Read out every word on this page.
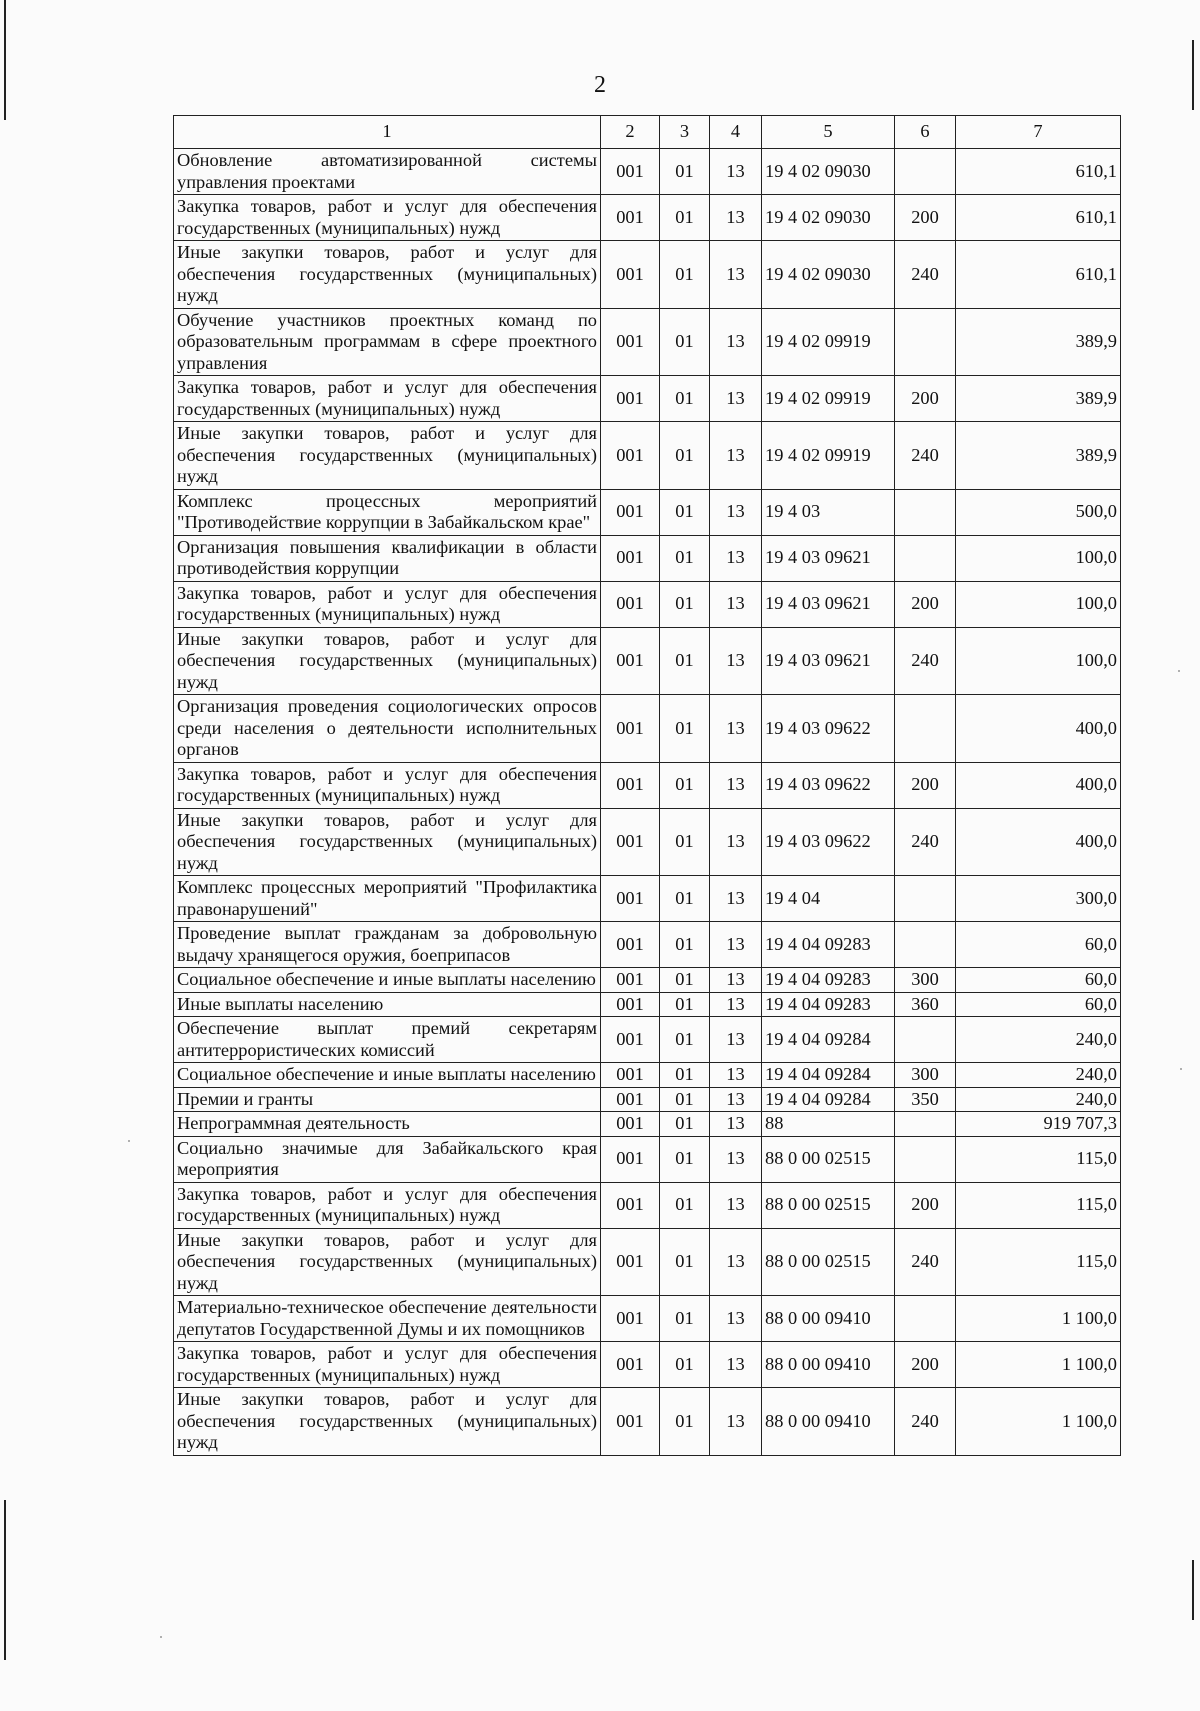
2
1	2	3	4	5	6	7
Обновление автоматизированной системы управления проектами	001	01	13	19 4 02 09030		610,1
Закупка товаров, работ и услуг для обеспечения государственных (муниципальных) нужд	001	01	13	19 4 02 09030	200	610,1
Иные закупки товаров, работ и услуг для обеспечения государственных (муниципальных) нужд	001	01	13	19 4 02 09030	240	610,1
Обучение участников проектных команд по образовательным программам в сфере проектного управления	001	01	13	19 4 02 09919		389,9
Закупка товаров, работ и услуг для обеспечения государственных (муниципальных) нужд	001	01	13	19 4 02 09919	200	389,9
Иные закупки товаров, работ и услуг для обеспечения государственных (муниципальных) нужд	001	01	13	19 4 02 09919	240	389,9
Комплекс процессных мероприятий "Противодействие коррупции в Забайкальском крае"	001	01	13	19 4 03		500,0
Организация повышения квалификации в области противодействия коррупции	001	01	13	19 4 03 09621		100,0
Закупка товаров, работ и услуг для обеспечения государственных (муниципальных) нужд	001	01	13	19 4 03 09621	200	100,0
Иные закупки товаров, работ и услуг для обеспечения государственных (муниципальных) нужд	001	01	13	19 4 03 09621	240	100,0
Организация проведения социологических опросов среди населения о деятельности исполнительных органов	001	01	13	19 4 03 09622		400,0
Закупка товаров, работ и услуг для обеспечения государственных (муниципальных) нужд	001	01	13	19 4 03 09622	200	400,0
Иные закупки товаров, работ и услуг для обеспечения государственных (муниципальных) нужд	001	01	13	19 4 03 09622	240	400,0
Комплекс процессных мероприятий "Профилактика правонарушений"	001	01	13	19 4 04		300,0
Проведение выплат гражданам за добровольную выдачу хранящегося оружия, боеприпасов	001	01	13	19 4 04 09283		60,0
Социальное обеспечение и иные выплаты населению	001	01	13	19 4 04 09283	300	60,0
Иные выплаты населению	001	01	13	19 4 04 09283	360	60,0
Обеспечение выплат премий секретарям антитеррористических комиссий	001	01	13	19 4 04 09284		240,0
Социальное обеспечение и иные выплаты населению	001	01	13	19 4 04 09284	300	240,0
Премии и гранты	001	01	13	19 4 04 09284	350	240,0
Непрограммная деятельность	001	01	13	88		919 707,3
Социально значимые для Забайкальского края мероприятия	001	01	13	88 0 00 02515		115,0
Закупка товаров, работ и услуг для обеспечения государственных (муниципальных) нужд	001	01	13	88 0 00 02515	200	115,0
Иные закупки товаров, работ и услуг для обеспечения государственных (муниципальных) нужд	001	01	13	88 0 00 02515	240	115,0
Материально-техническое обеспечение деятельности депутатов Государственной Думы и их помощников	001	01	13	88 0 00 09410		1 100,0
Закупка товаров, работ и услуг для обеспечения государственных (муниципальных) нужд	001	01	13	88 0 00 09410	200	1 100,0
Иные закупки товаров, работ и услуг для обеспечения государственных (муниципальных) нужд	001	01	13	88 0 00 09410	240	1 100,0
